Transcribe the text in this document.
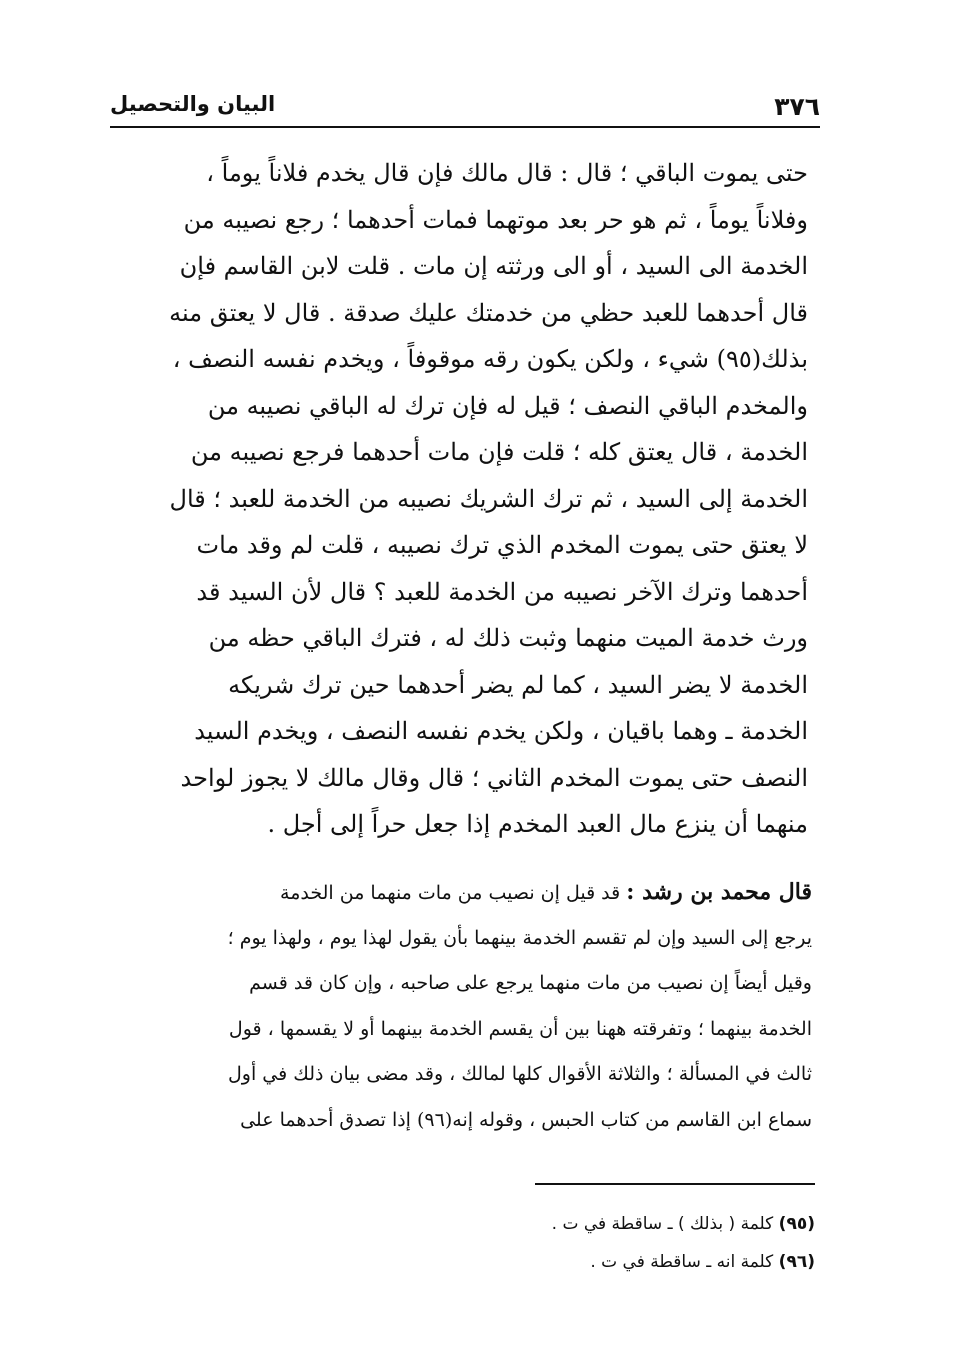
٣٧٦
البيان والتحصيل
حتى يموت الباقي ؛ قال : قال مالك فإن قال يخدم فلاناً يوماً ،
وفلاناً يوماً ، ثم هو حر بعد موتهما فمات أحدهما ؛ رجع نصيبه من
الخدمة الى السيد ، أو الى ورثته إن مات . قلت لابن القاسم فإن
قال أحدهما للعبد حظي من خدمتك عليك صدقة . قال لا يعتق منه
بذلك(٩٥) شيء ، ولكن يكون رقه موقوفاً ، ويخدم نفسه النصف ،
والمخدم الباقي النصف ؛ قيل له فإن ترك له الباقي نصيبه من
الخدمة ، قال يعتق كله ؛ قلت فإن مات أحدهما فرجع نصيبه من
الخدمة إلى السيد ، ثم ترك الشريك نصيبه من الخدمة للعبد ؛ قال
لا يعتق حتى يموت المخدم الذي ترك نصيبه ، قلت لم وقد مات
أحدهما وترك الآخر نصيبه من الخدمة للعبد ؟ قال لأن السيد قد
ورث خدمة الميت منهما وثبت ذلك له ، فترك الباقي حظه من
الخدمة لا يضر السيد ، كما لم يضر أحدهما حين ترك شريكه
الخدمة ـ وهما باقيان ، ولكن يخدم نفسه النصف ، ويخدم السيد
النصف حتى يموت المخدم الثاني ؛ قال وقال مالك لا يجوز لواحد
منهما أن ينزع مال العبد المخدم إذا جعل حراً إلى أجل .
قال محمد بن رشد : قد قيل إن نصيب من مات منهما من الخدمة
يرجع إلى السيد وإن لم تقسم الخدمة بينهما بأن يقول لهذا يوم ، ولهذا يوم ؛
وقيل أيضاً إن نصيب من مات منهما يرجع على صاحبه ، وإن كان قد قسم
الخدمة بينهما ؛ وتفرقته ههنا بين أن يقسم الخدمة بينهما أو لا يقسمها ، قول
ثالث في المسألة ؛ والثلاثة الأقوال كلها لمالك ، وقد مضى بيان ذلك في أول
سماع ابن القاسم من كتاب الحبس ، وقوله إنه(٩٦) إذا تصدق أحدهما على
(٩٥) كلمة ( بذلك ) ـ ساقطة في ت .
(٩٦) كلمة انه ـ ساقطة في ت .
